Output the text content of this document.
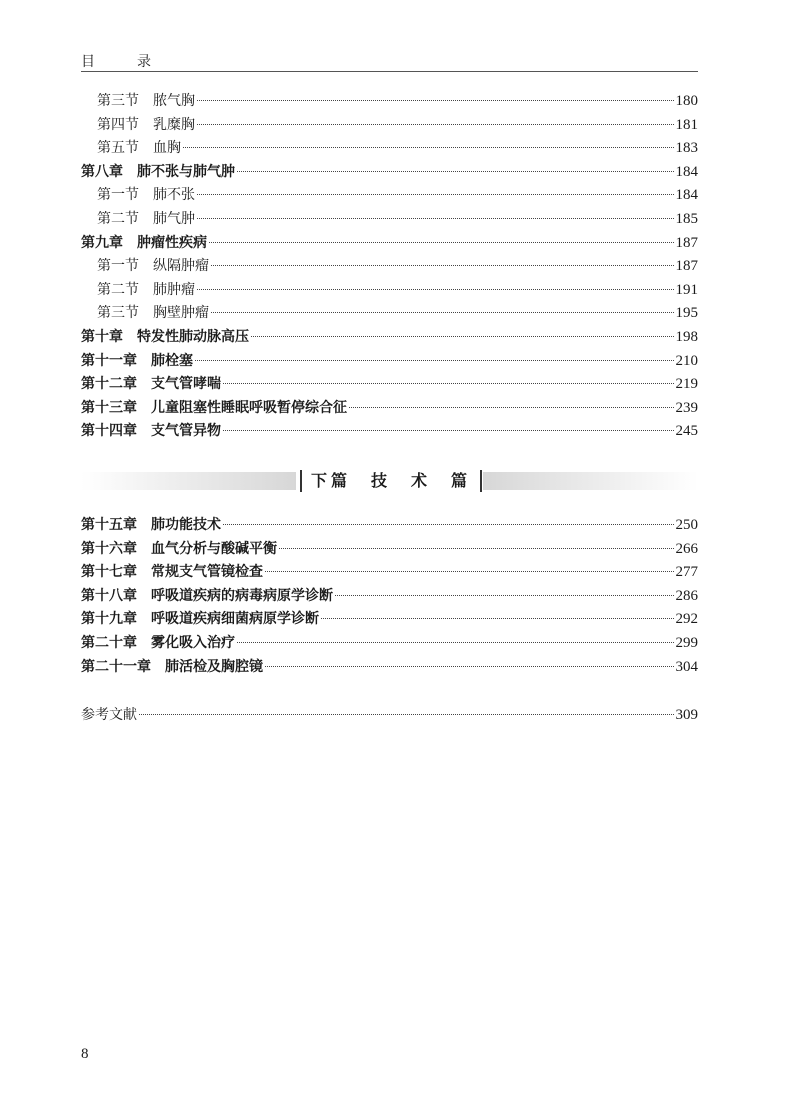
目　录
第三节 脓气胸	180
第四节 乳糜胸	181
第五节 血胸	183
第八章 肺不张与肺气肿	184
第一节 肺不张	184
第二节 肺气肿	185
第九章 肿瘤性疾病	187
第一节 纵隔肿瘤	187
第二节 肺肿瘤	191
第三节 胸壁肿瘤	195
第十章 特发性肺动脉高压	198
第十一章 肺栓塞	210
第十二章 支气管哮喘	219
第十三章 儿童阻塞性睡眠呼吸暂停综合征	239
第十四章 支气管异物	245
下篇　技　术　篇
第十五章 肺功能技术	250
第十六章 血气分析与酸碱平衡	266
第十七章 常规支气管镜检查	277
第十八章 呼吸道疾病的病毒病原学诊断	286
第十九章 呼吸道疾病细菌病原学诊断	292
第二十章 雾化吸入治疗	299
第二十一章 肺活检及胸腔镜	304
参考文献	309
8
